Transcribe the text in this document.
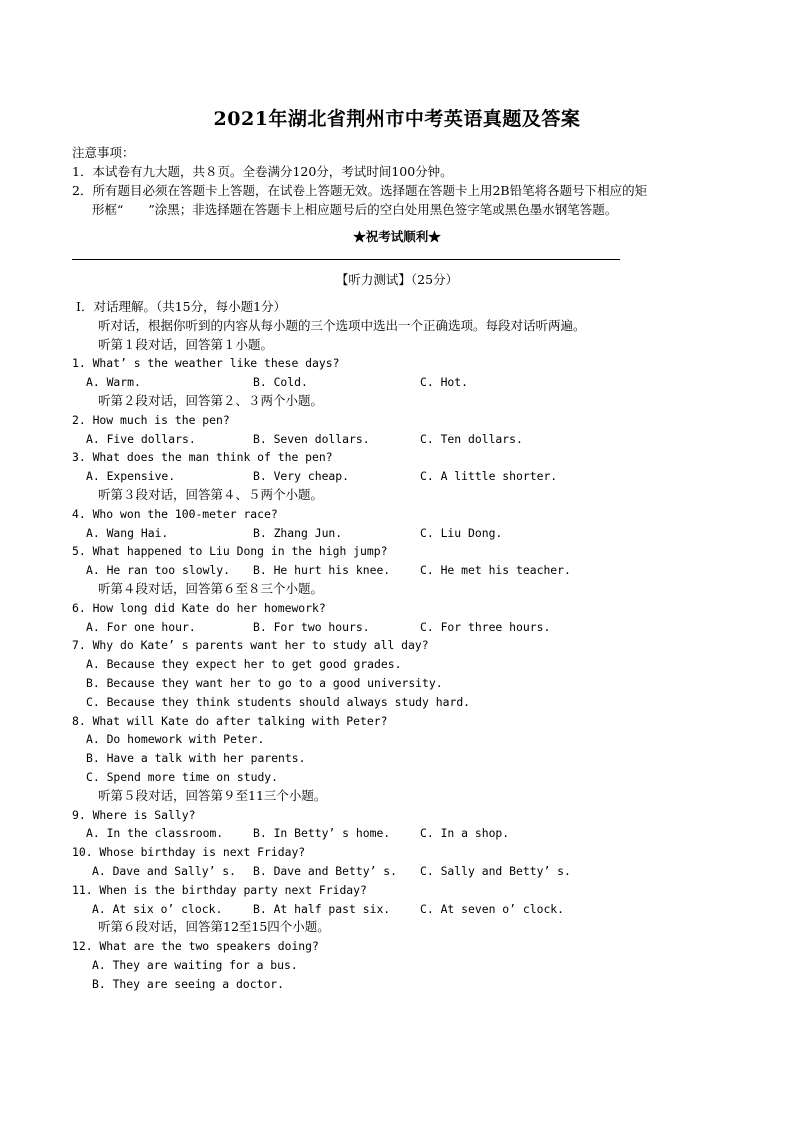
2021年湖北省荆州市中考英语真题及答案
注意事项：
1．本试卷有九大题，共８页。全卷满分120分，考试时间100分钟。
2．所有题目必须在答题卡上答题，在试卷上答题无效。选择题在答题卡上用2B铅笔将各题号下相应的矩
形框“　　”涂黑；非选择题在答题卡上相应题号后的空白处用黑色签字笔或黑色墨水钢笔答题。
★祝考试顺利★
【听力测试】（25分）
Ⅰ．对话理解。（共15分，每小题1分）
听对话，根据你听到的内容从每小题的三个选项中选出一个正确选项。每段对话听两遍。
听第１段对话，回答第１小题。
1. What’ s the weather like these days?
A. Warm.	B. Cold.	C. Hot.
听第２段对话，回答第２、３两个小题。
2. How much is the pen?
A. Five dollars.	B. Seven dollars.	C. Ten dollars.
3. What does the man think of the pen?
A. Expensive.	B. Very cheap.	C. A little shorter.
听第３段对话，回答第４、５两个小题。
4. Who won the 100-meter race?
A. Wang Hai.	B. Zhang Jun.	C. Liu Dong.
5. What happened to Liu Dong in the high jump?
A. He ran too slowly.	B. He hurt his knee.	C. He met his teacher.
听第４段对话，回答第６至８三个小题。
6. How long did Kate do her homework?
A. For one hour.	B. For two hours.	C. For three hours.
7. Why do Kate’ s parents want her to study all day?
A. Because they expect her to get good grades.
B. Because they want her to go to a good university.
C. Because they think students should always study hard.
8. What will Kate do after talking with Peter?
A. Do homework with Peter.
B. Have a talk with her parents.
C. Spend more time on study.
听第５段对话，回答第９至11三个小题。
9. Where is Sally?
A. In the classroom.	B. In Betty’ s home.	C. In a shop.
10. Whose birthday is next Friday?
A. Dave and Sally’ s.	B. Dave and Betty’ s.	C. Sally and Betty’ s.
11. When is the birthday party next Friday?
A. At six o’ clock.	B. At half past six.	C. At seven o’ clock.
听第６段对话，回答第12至15四个小题。
12. What are the two speakers doing?
A. They are waiting for a bus.
B. They are seeing a doctor.
